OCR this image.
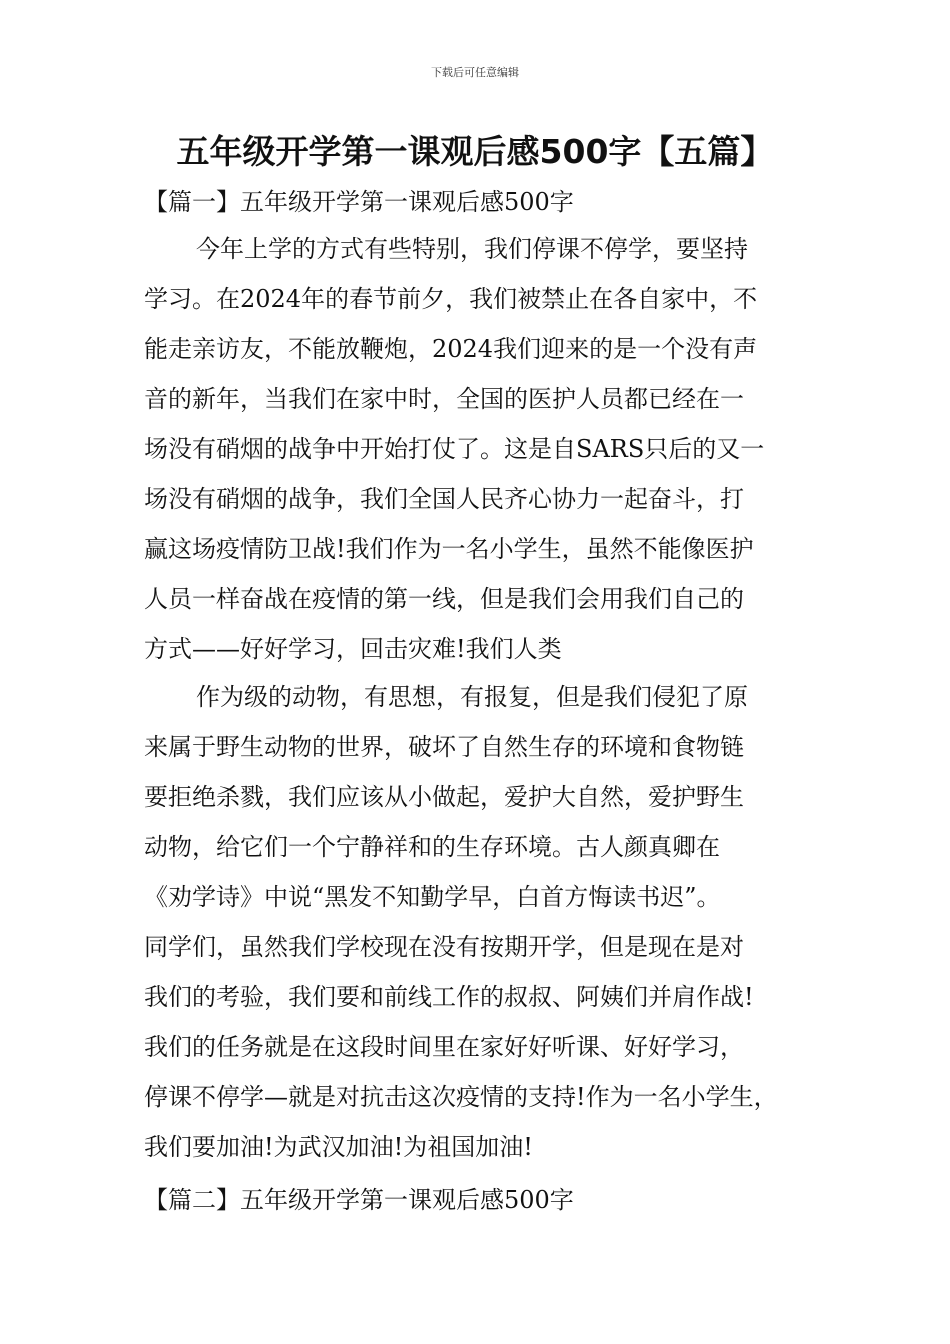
下载后可任意编辑
五年级开学第一课观后感500字【五篇】
【篇一】五年级开学第一课观后感500字
今年上学的方式有些特别，我们停课不停学，要坚持
学习。在2024年的春节前夕，我们被禁止在各自家中，不
能走亲访友，不能放鞭炮，2024我们迎来的是一个没有声
音的新年，当我们在家中时，全国的医护人员都已经在一
场没有硝烟的战争中开始打仗了。这是自SARS只后的又一
场没有硝烟的战争，我们全国人民齐心协力一起奋斗，打
赢这场疫情防卫战!我们作为一名小学生，虽然不能像医护
人员一样奋战在疫情的第一线，但是我们会用我们自己的
方式——好好学习，回击灾难!我们人类
作为级的动物，有思想，有报复，但是我们侵犯了原
来属于野生动物的世界，破坏了自然生存的环境和食物链
要拒绝杀戮，我们应该从小做起，爱护大自然，爱护野生
动物，给它们一个宁静祥和的生存环境。古人颜真卿在
《劝学诗》中说“黑发不知勤学早，白首方悔读书迟”。
同学们，虽然我们学校现在没有按期开学，但是现在是对
我们的考验，我们要和前线工作的叔叔、阿姨们并肩作战!
我们的任务就是在这段时间里在家好好听课、好好学习，
停课不停学—就是对抗击这次疫情的支持!作为一名小学生，
我们要加油!为武汉加油!为祖国加油!
【篇二】五年级开学第一课观后感500字
